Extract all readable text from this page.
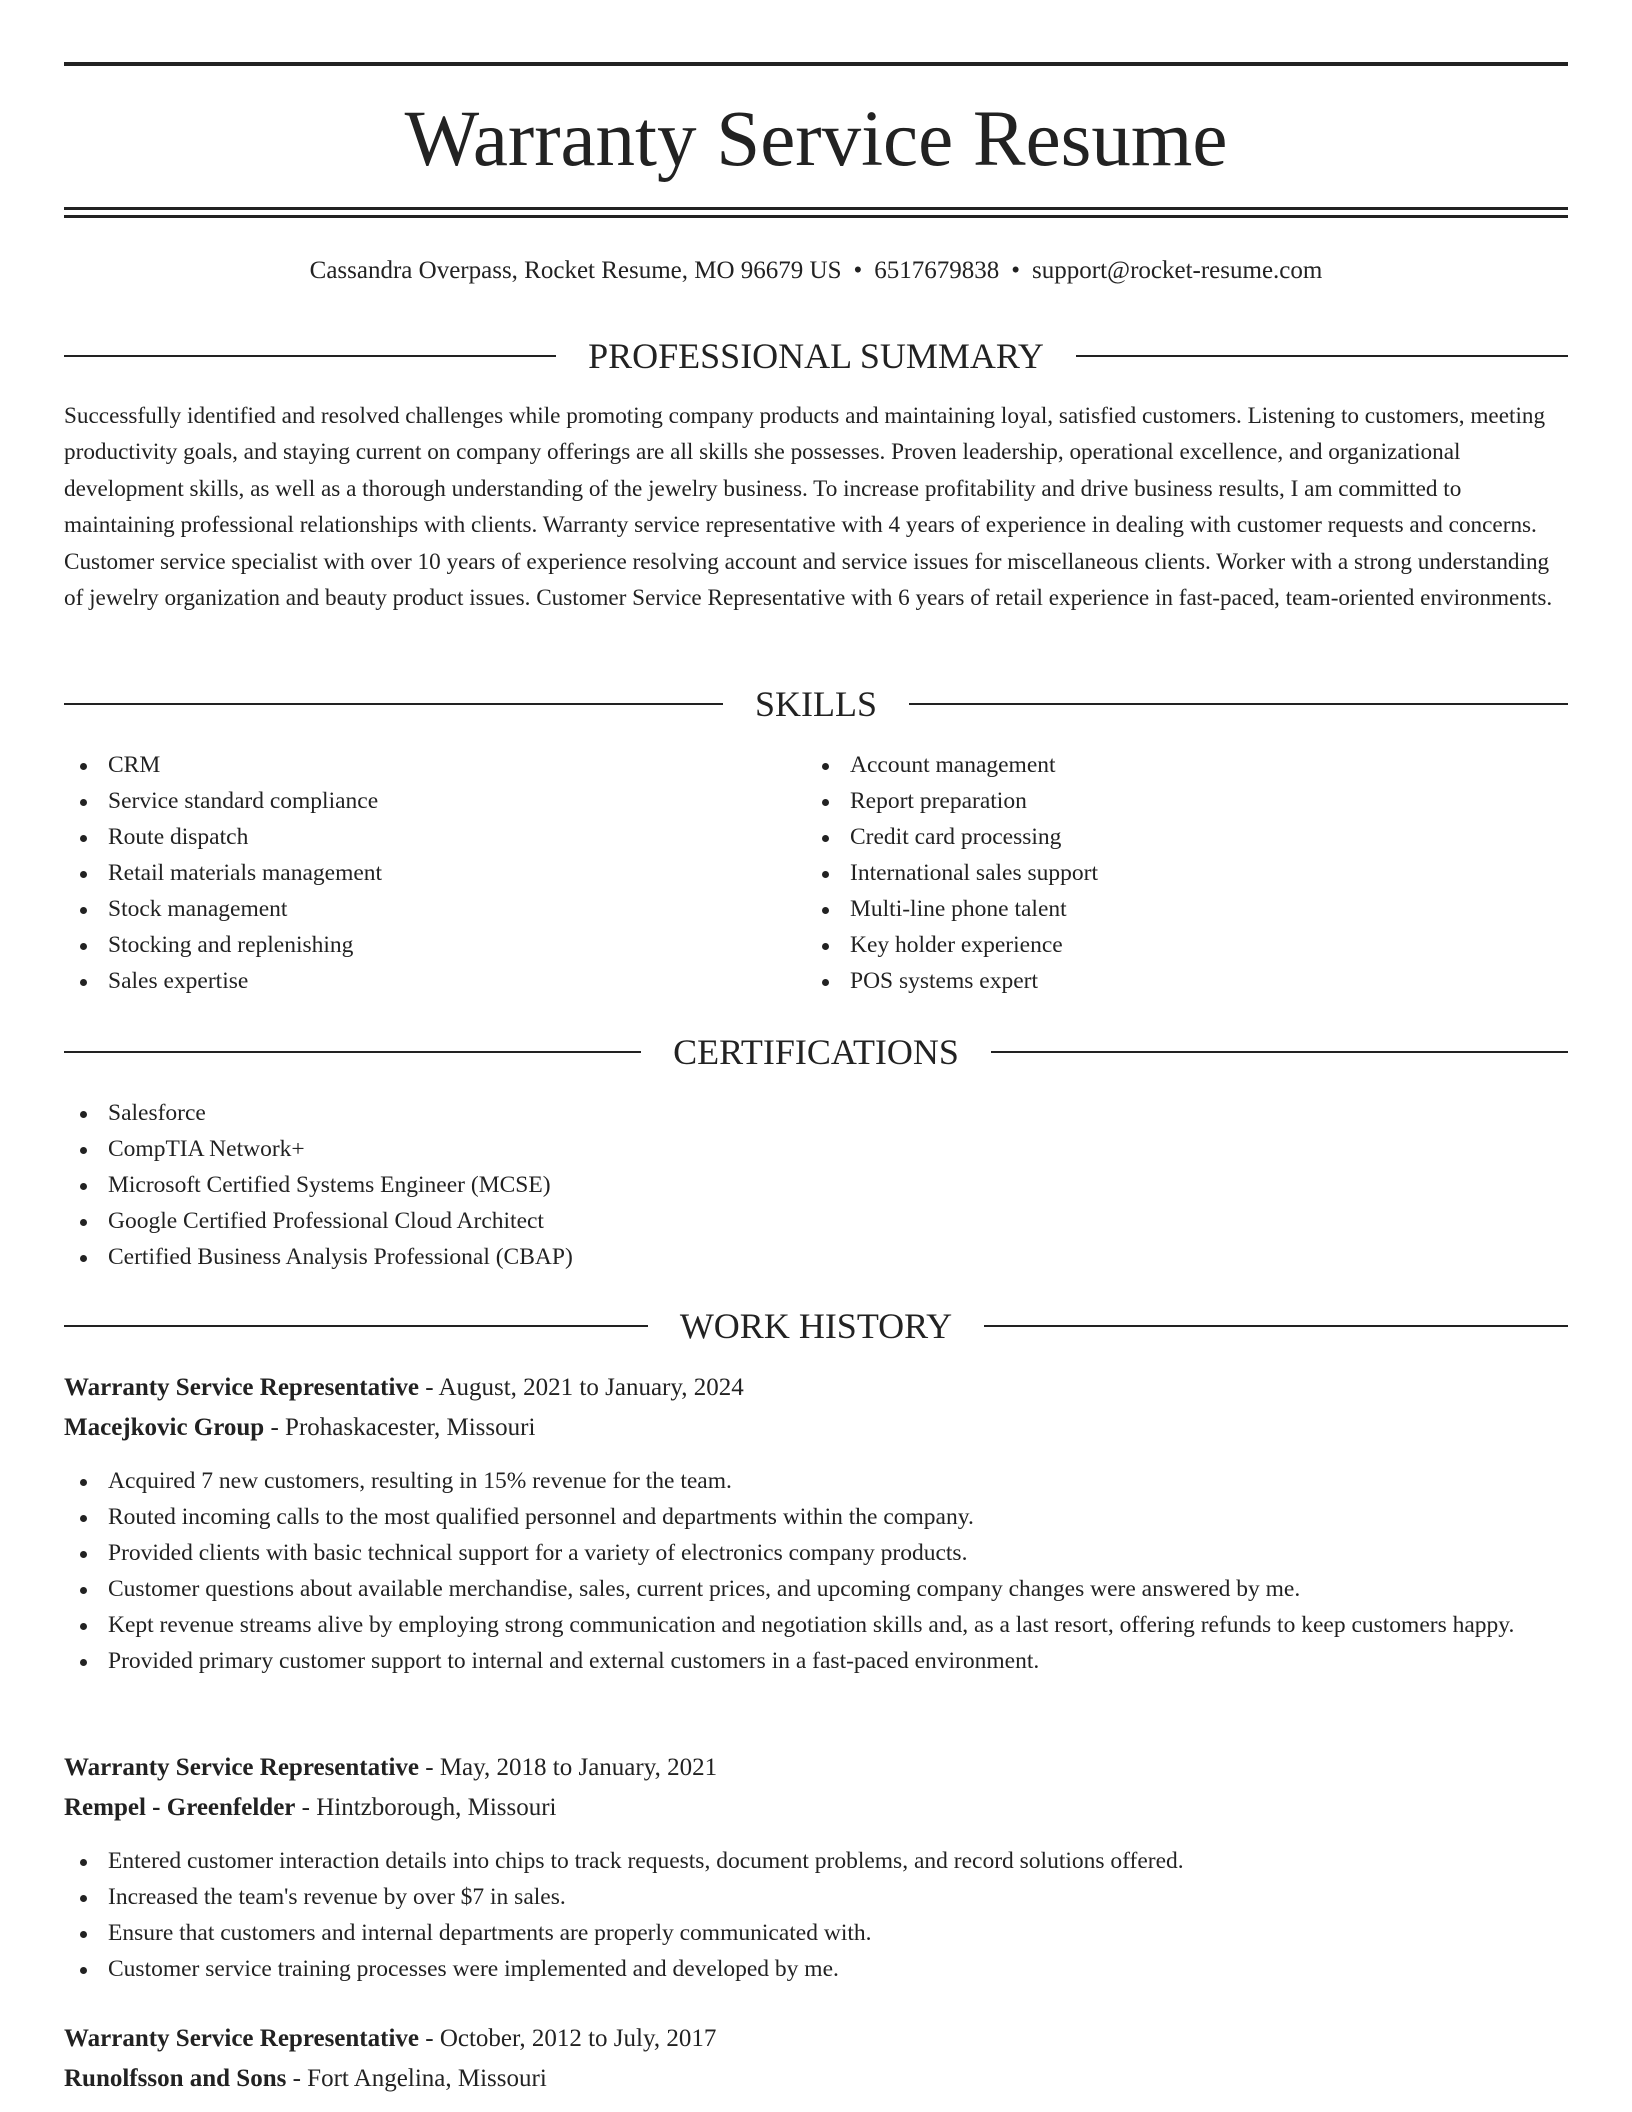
Warranty Service Resume
Cassandra Overpass, Rocket Resume, MO 96679 US • 6517679838 • support@rocket-resume.com
PROFESSIONAL SUMMARY

Successfully identified and resolved challenges while promoting company products and maintaining loyal, satisfied customers. Listening to customers, meeting productivity goals, and staying current on company offerings are all skills she possesses. Proven leadership, operational excellence, and organizational development skills, as well as a thorough understanding of the jewelry business. To increase profitability and drive business results, I am committed to maintaining professional relationships with clients. Warranty service representative with 4 years of experience in dealing with customer requests and concerns. Customer service specialist with over 10 years of experience resolving account and service issues for miscellaneous clients. Worker with a strong understanding of jewelry organization and beauty product issues. Customer Service Representative with 6 years of retail experience in fast-paced, team-oriented environments.

SKILLS
CRM
Service standard compliance
Route dispatch
Retail materials management
Stock management
Stocking and replenishing
Sales expertise
Account management
Report preparation
Credit card processing
International sales support
Multi-line phone talent
Key holder experience
POS systems expert
CERTIFICATIONS
Salesforce
CompTIA Network+
Microsoft Certified Systems Engineer (MCSE)
Google Certified Professional Cloud Architect
Certified Business Analysis Professional (CBAP)
WORK HISTORY
Warranty Service Representative - August, 2021 to January, 2024
Macejkovic Group - Prohaskacester, Missouri
Acquired 7 new customers, resulting in 15% revenue for the team.
Routed incoming calls to the most qualified personnel and departments within the company.
Provided clients with basic technical support for a variety of electronics company products.
Customer questions about available merchandise, sales, current prices, and upcoming company changes were answered by me.
Kept revenue streams alive by employing strong communication and negotiation skills and, as a last resort, offering refunds to keep customers happy.
Provided primary customer support to internal and external customers in a fast-paced environment.
Warranty Service Representative - May, 2018 to January, 2021
Rempel - Greenfelder - Hintzborough, Missouri
Entered customer interaction details into chips to track requests, document problems, and record solutions offered.
Increased the team's revenue by over $7 in sales.
Ensure that customers and internal departments are properly communicated with.
Customer service training processes were implemented and developed by me.
Warranty Service Representative - October, 2012 to July, 2017
Runolfsson and Sons - Fort Angelina, Missouri
